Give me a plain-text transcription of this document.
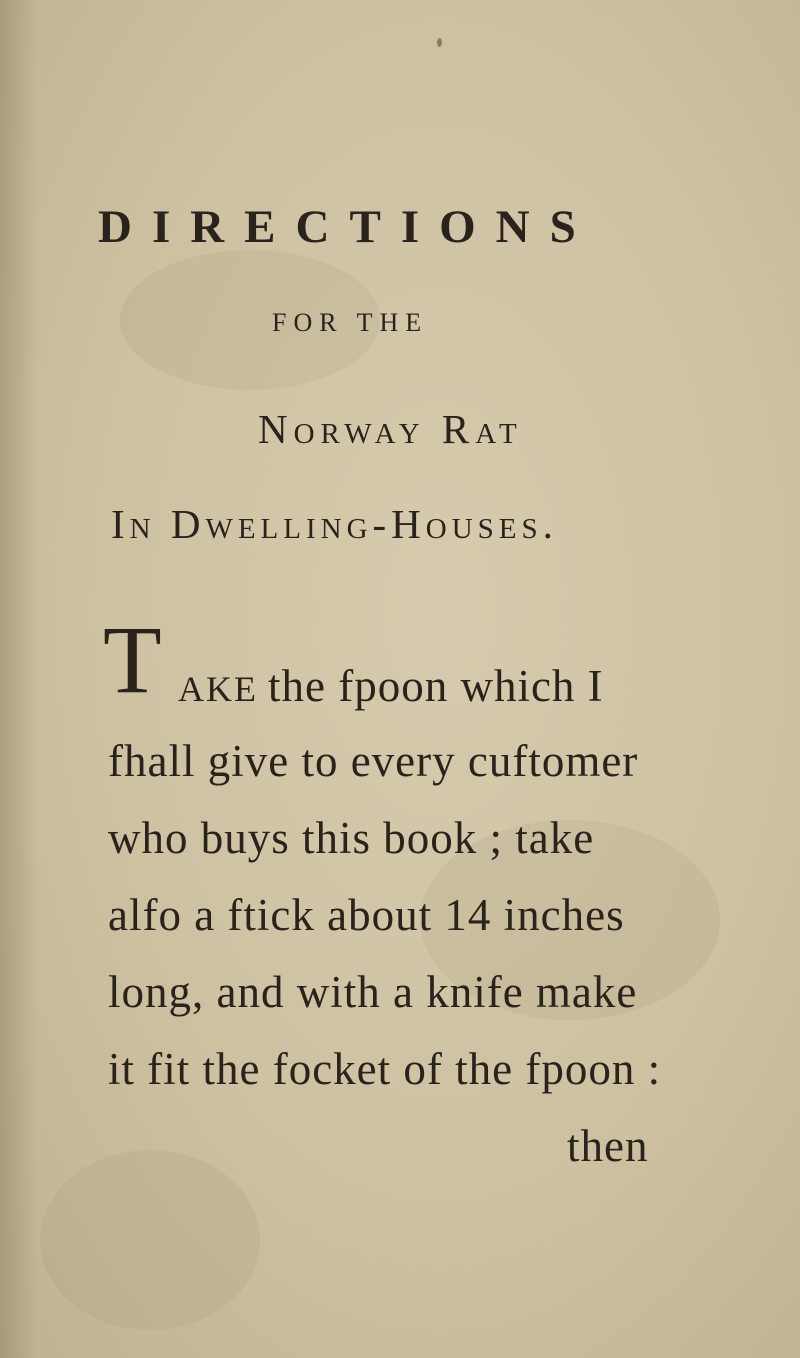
DIRECTIONS
FOR THE
Norway Rat
In Dwelling-Houses.
T AKE the fpoon which I
fhall give to every cuftomer
who buys this book ; take
alfo a ftick about 14 inches
long, and with a knife make
it fit the focket of the fpoon :
then
